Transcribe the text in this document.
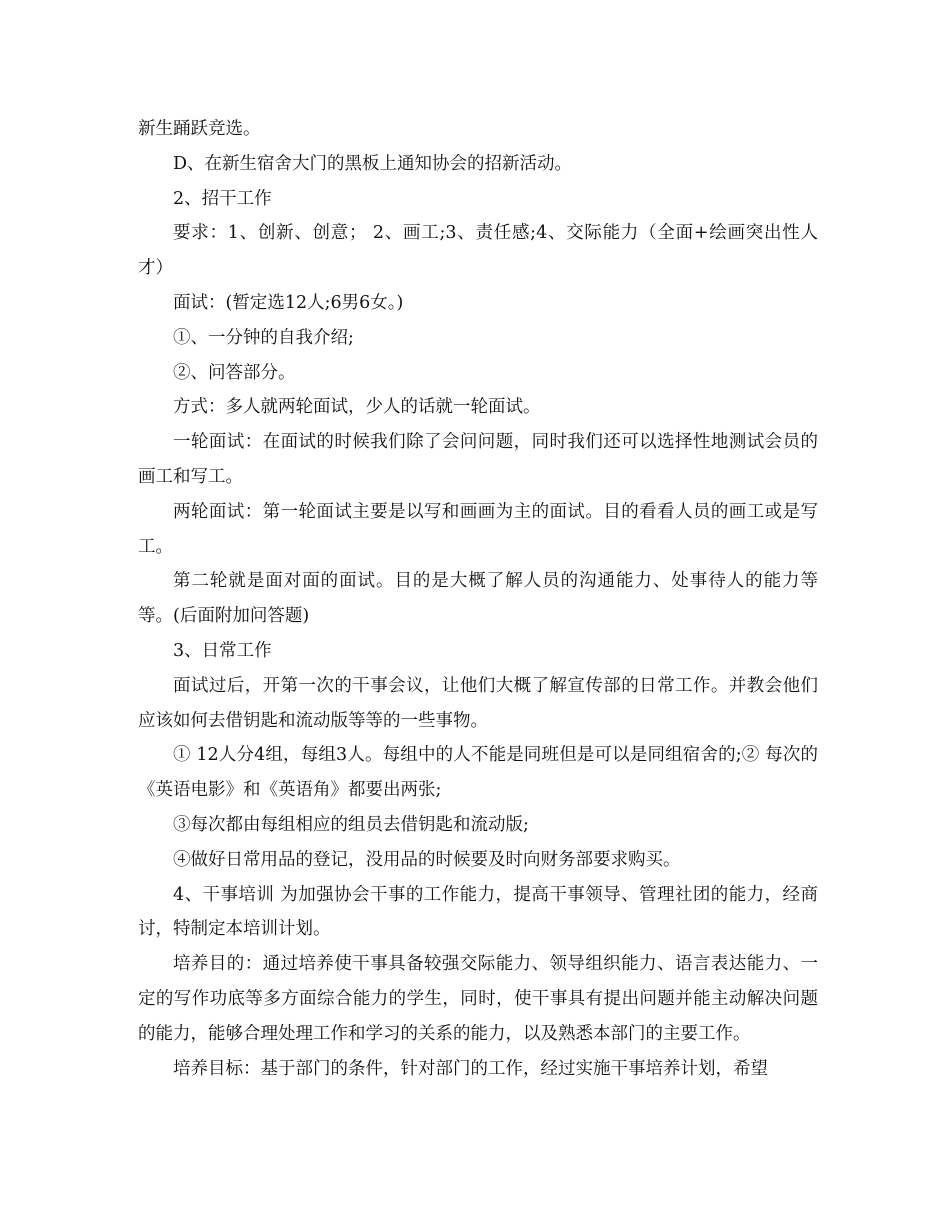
新生踊跃竞选。

D、在新生宿舍大门的黑板上通知协会的招新活动。

2、招干工作

要求：1、创新、创意； 2、画工;3、责任感;4、交际能力（全面+绘画突出性人才）

面试：(暂定选12人;6男6女。)

①、一分钟的自我介绍;

②、问答部分。

方式：多人就两轮面试，少人的话就一轮面试。

一轮面试：在面试的时候我们除了会问问题，同时我们还可以选择性地测试会员的画工和写工。

两轮面试：第一轮面试主要是以写和画画为主的面试。目的看看人员的画工或是写工。

第二轮就是面对面的面试。目的是大概了解人员的沟通能力、处事待人的能力等等。(后面附加问答题)

3、日常工作

面试过后，开第一次的干事会议，让他们大概了解宣传部的日常工作。并教会他们应该如何去借钥匙和流动版等等的一些事物。

① 12人分4组，每组3人。每组中的人不能是同班但是可以是同组宿舍的;② 每次的《英语电影》和《英语角》都要出两张;

③每次都由每组相应的组员去借钥匙和流动版;

④做好日常用品的登记，没用品的时候要及时向财务部要求购买。

4、干事培训 为加强协会干事的工作能力，提高干事领导、管理社团的能力，经商讨，特制定本培训计划。

培养目的：通过培养使干事具备较强交际能力、领导组织能力、语言表达能力、一定的写作功底等多方面综合能力的学生，同时，使干事具有提出问题并能主动解决问题的能力，能够合理处理工作和学习的关系的能力，以及熟悉本部门的主要工作。

培养目标：基于部门的条件，针对部门的工作，经过实施干事培养计划，希望
